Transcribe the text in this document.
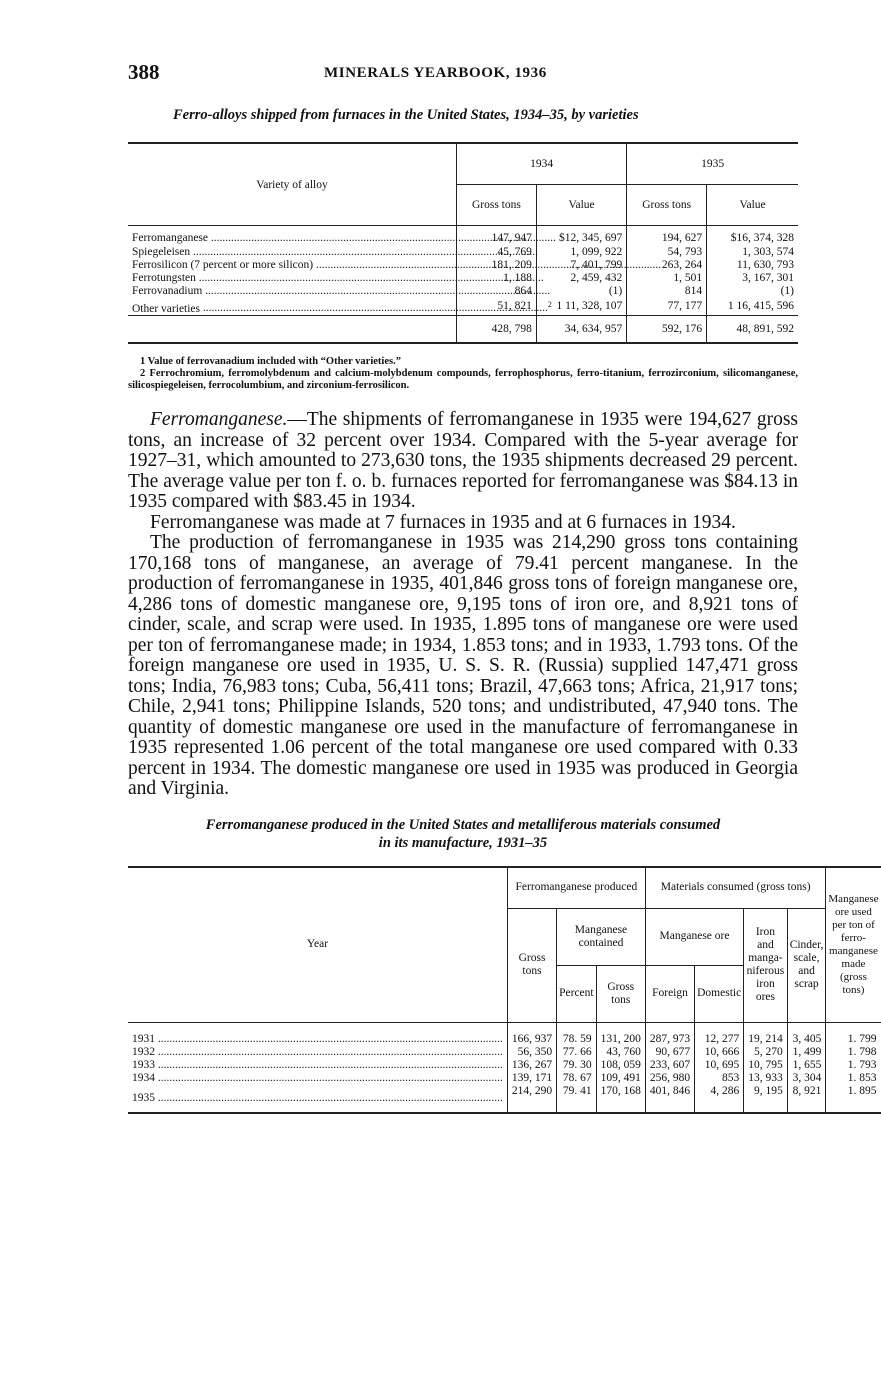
388	MINERALS YEARBOOK, 1936
Ferro-alloys shipped from furnaces in the United States, 1934–35, by varieties
Variety of alloy	1934		1935	
	Gross tons	Value	Gross tons	Value
Ferromanganese .....	147, 947	$12, 345, 697	194, 627	$16, 374, 328
Spiegeleisen .....	45, 769	1, 099, 922	54, 793	1, 303, 574
Ferrosilicon (7 percent or more silicon) .....	181, 209	7, 401, 799	263, 264	11, 630, 793
Ferrotungsten .....	1, 188	2, 459, 432	1, 501	3, 167, 301
Ferrovanadium .....	864	(1)	814	(1)
Other varieties ..... $^2$	51, 821	1 11, 328, 107	77, 177	1 16, 415, 596
	428, 798	34, 634, 957	592, 176	48, 891, 592

1 Value of ferrovanadium included with “Other varieties.”

2 Ferrochromium, ferromolybdenum and calcium-molybdenum compounds, ferrophosphorus, ferro-titanium, ferrozirconium, silicomanganese, silicospiegeleisen, ferrocolumbium, and zirconium-ferrosilicon.

Ferromanganese.—The shipments of ferromanganese in 1935 were 194,627 gross tons, an increase of 32 percent over 1934. Compared with the 5-year average for 1927–31, which amounted to 273,630 tons, the 1935 shipments decreased 29 percent. The average value per ton f. o. b. furnaces reported for ferromanganese was $84.13 in 1935 compared with $83.45 in 1934.

Ferromanganese was made at 7 furnaces in 1935 and at 6 furnaces in 1934.

The production of ferromanganese in 1935 was 214,290 gross tons containing 170,168 tons of manganese, an average of 79.41 percent manganese. In the production of ferromanganese in 1935, 401,846 gross tons of foreign manganese ore, 4,286 tons of domestic manganese ore, 9,195 tons of iron ore, and 8,921 tons of cinder, scale, and scrap were used. In 1935, 1.895 tons of manganese ore were used per ton of ferromanganese made; in 1934, 1.853 tons; and in 1933, 1.793 tons. Of the foreign manganese ore used in 1935, U. S. S. R. (Russia) supplied 147,471 gross tons; India, 76,983 tons; Cuba, 56,411 tons; Brazil, 47,663 tons; Africa, 21,917 tons; Chile, 2,941 tons; Philippine Islands, 520 tons; and undistributed, 47,940 tons. The quantity of domestic manganese ore used in the manufacture of ferromanganese in 1935 represented 1.06 percent of the total manganese ore used compared with 0.33 percent in 1934. The domestic manganese ore used in 1935 was produced in Georgia and Virginia.

Ferromanganese produced in the United States and metalliferous materials consumed
in its manufacture, 1931–35
Year	Ferromanganese produced			Materials consumed (gross tons)				Manganese ore used per ton of ferro-manganese made (gross tons)
	Gross tons	Manganese contained		Manganese ore		Iron and manga-niferous iron ores	Cinder, scale, and scrap	

		Percent	Gross tons	Foreign	Domestic			
1931 .....	166, 937	78. 59	131, 200	287, 973	12, 277	19, 214	3, 405	1. 799
1932 .....	56, 350	77. 66	43, 760	90, 677	10, 666	5, 270	1, 499	1. 798
1933 .....	136, 267	79. 30	108, 059	233, 607	10, 695	10, 795	1, 655	1. 793
1934 .....	139, 171	78. 67	109, 491	256, 980	853	13, 933	3, 304	1. 853
1935 .....	214, 290	79. 41	170, 168	401, 846	4, 286	9, 195	8, 921	1. 895
